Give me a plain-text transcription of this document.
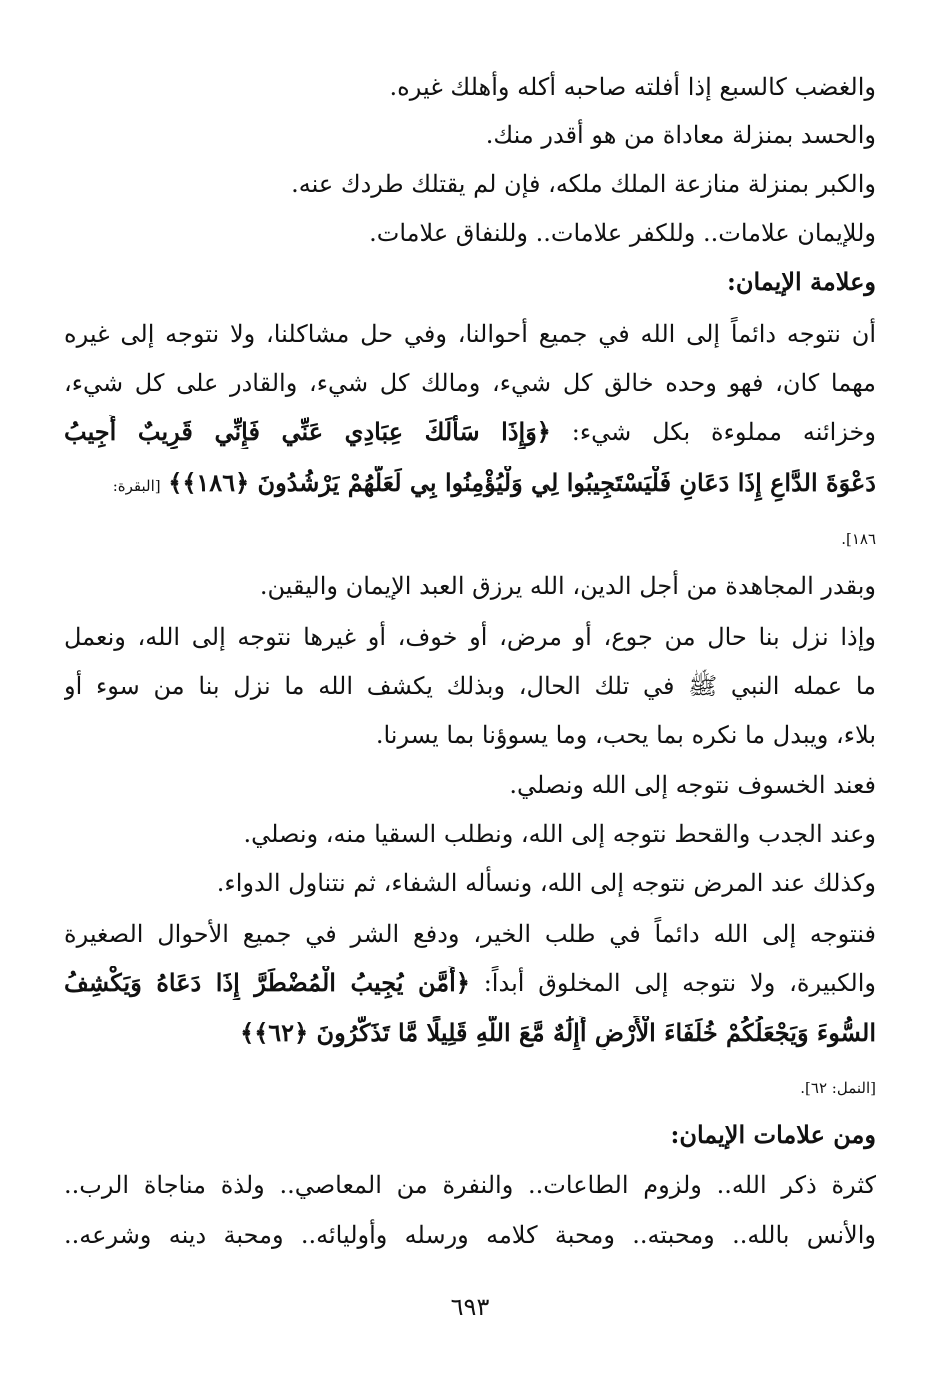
والغضب كالسبع إذا أفلته صاحبه أكله وأهلك غيره.
والحسد بمنزلة معاداة من هو أقدر منك.
والكبر بمنزلة منازعة الملك ملكه، فإن لم يقتلك طردك عنه.
وللإيمان علامات.. وللكفر علامات.. وللنفاق علامات.
وعلامة الإيمان:
أن نتوجه دائماً إلى الله في جميع أحوالنا، وفي حل مشاكلنا، ولا نتوجه إلى غيره
مهما كان، فهو وحده خالق كل شيء، ومالك كل شيء، والقادر على كل شيء،
وخزائنه مملوءة بكل شيء: ﴿وَإِذَا سَأَلَكَ عِبَادِي عَنِّي فَإِنِّي قَرِيبٌ أُجِيبُ
دَعْوَةَ الدَّاعِ إِذَا دَعَانِ فَلْيَسْتَجِيبُوا لِي وَلْيُؤْمِنُوا بِي لَعَلَّهُمْ يَرْشُدُونَ ﴿١٨٦﴾﴾ [البقرة:
١٨٦].
وبقدر المجاهدة من أجل الدين، الله يرزق العبد الإيمان واليقين.
وإذا نزل بنا حال من جوع، أو مرض، أو خوف، أو غيرها نتوجه إلى الله، ونعمل
ما عمله النبي ﷺ في تلك الحال، وبذلك يكشف الله ما نزل بنا من سوء أو
بلاء، ويبدل ما نكره بما يحب، وما يسوؤنا بما يسرنا.
فعند الخسوف نتوجه إلى الله ونصلي.
وعند الجدب والقحط نتوجه إلى الله، ونطلب السقيا منه، ونصلي.
وكذلك عند المرض نتوجه إلى الله، ونسأله الشفاء، ثم نتناول الدواء.
فنتوجه إلى الله دائماً في طلب الخير، ودفع الشر في جميع الأحوال الصغيرة
والكبيرة، ولا نتوجه إلى المخلوق أبداً: ﴿أَمَّن يُجِيبُ الْمُضْطَرَّ إِذَا دَعَاهُ وَيَكْشِفُ
السُّوءَ وَيَجْعَلُكُمْ خُلَفَاءَ الْأَرْضِ أَإِلَٰهٌ مَّعَ اللَّهِ قَلِيلًا مَّا تَذَكَّرُونَ ﴿٦٢﴾﴾
[النمل: ٦٢].
ومن علامات الإيمان:
كثرة ذكر الله.. ولزوم الطاعات.. والنفرة من المعاصي.. ولذة مناجاة الرب..
والأنس بالله.. ومحبته.. ومحبة كلامه ورسله وأوليائه.. ومحبة دينه وشرعه..
٦٩٣
